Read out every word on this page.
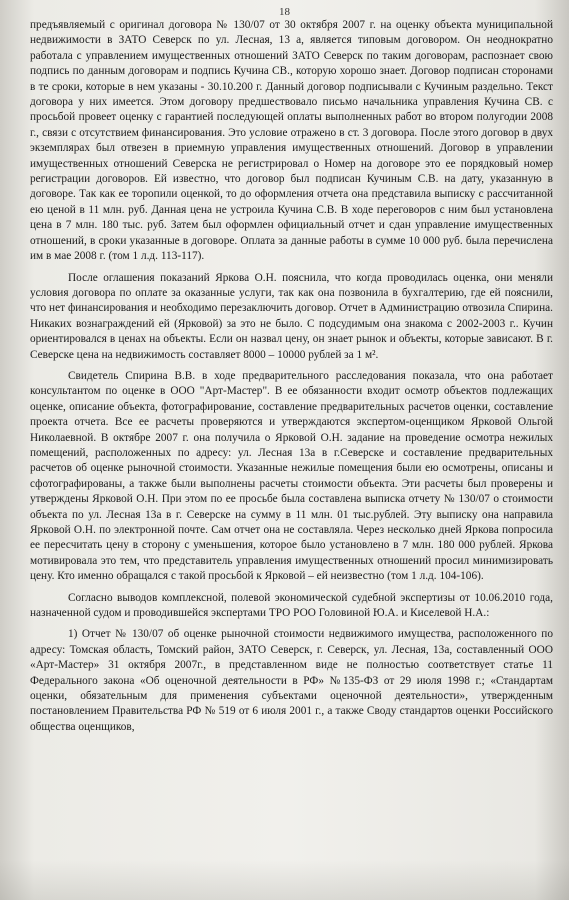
18

предъявляемый с оригинал договора № 130/07 от 30 октября 2007 г. на оценку объекта муниципальной недвижимости в ЗАТО Северск по ул. Лесная, 13 а, является типовым договором. Он неоднократно работала с управлением имущественных отношений ЗАТО Северск по таким договорам, распознает свою подпись по данным договорам и подпись Кучина СВ., которую хорошо знает. Договор подписан сторонами в те сроки, которые в нем указаны - 30.10.200 г. Данный договор подписывали с Кучиным раздельно. Текст договора у них имеется. Этом договору предшествовало письмо начальника управления Кучина СВ. с просьбой провеет оценку с гарантией последующей оплаты выполненных работ во втором полугодии 2008 г., связи с отсутствием финансирования. Это условие отражено в ст. 3 договора. После этого договор в двух экземплярах был отвезен в приемную управления имущественных отношений. Договор в управлении имущественных отношений Северска не регистрировал о Номер на договоре это ее порядковый номер регистрации договоров. Ей известно, что договор был подписан Кучиным С.В. на дату, указанную в договоре. Так как ее торопили оценкой, то до оформления отчета она представила выписку с рассчитанной ею ценой в 11 млн. руб. Данная цена не устроила Кучина С.В. В ходе переговоров с ним был установлена цена в 7 млн. 180 тыс. руб. Затем был оформлен официальный отчет и сдан управление имущественных отношений, в сроки указанные в договоре. Оплата за данные работы в сумме 10 000 руб. была перечислена им в мае 2008 г. (том 1 л.д. 113-117).

После оглашения показаний Яркова О.Н. пояснила, что когда проводилась оценка, они меняли условия договора по оплате за оказанные услуги, так как она позвонила в бухгалтерию, где ей пояснили, что нет финансирования и необходимо перезаключить договор. Отчет в Администрацию отвозила Спирина. Никаких вознаграждений ей (Ярковой) за это не было. С подсудимым она знакома с 2002-2003 г.. Кучин ориентировался в ценах на объекты. Если он назвал цену, он знает рынок и объекты, которые зависают. В г. Северске цена на недвижимость составляет 8000 – 10000 рублей за 1 м².

Свидетель Спирина В.В. в ходе предварительного расследования показала, что она работает консультантом по оценке в ООО "Арт-Мастер". В ее обязанности входит осмотр объектов подлежащих оценке, описание объекта, фотографирование, составление предварительных расчетов оценки, составление проекта отчета. Все ее расчеты проверяются и утверждаются экспертом-оценщиком Ярковой Ольгой Николаевной. В октябре 2007 г. она получила о Ярковой О.Н. задание на проведение осмотра нежилых помещений, расположенных по адресу: ул. Лесная 13а в г.Северске и составление предварительных расчетов об оценке рыночной стоимости. Указанные нежилые помещения были ею осмотрены, описаны и сфотографированы, а также были выполнены расчеты стоимости объекта. Эти расчеты был проверены и утверждены Ярковой О.Н. При этом по ее просьбе была составлена выписка отчету № 130/07 о стоимости объекта по ул. Лесная 13а в г. Северске на сумму в 11 млн. 01 тыс.рублей. Эту выписку она направила Ярковой О.Н. по электронной почте. Сам отчет она не составляла. Через несколько дней Яркова попросила ее пересчитать цену в сторону с уменьшения, которое было установлено в 7 млн. 180 000 рублей. Яркова мотивировала это тем, что представитель управления имущественных отношений просил минимизировать цену. Кто именно обращался с такой просьбой к Ярковой – ей неизвестно (том 1 л.д. 104-106).

Согласно выводов комплексной, полевой экономической судебной экспертизы от 10.06.2010 года, назначенной судом и проводившейся экспертами ТРО РОО Головиной Ю.А. и Киселевой Н.А.:

1) Отчет № 130/07 об оценке рыночной стоимости недвижимого имущества, расположенного по адресу: Томская область, Томский район, ЗАТО Северск, г. Северск, ул. Лесная, 13а, составленный ООО «Арт-Мастер» 31 октября 2007г., в представленном виде не полностью соответствует статье 11 Федерального закона «Об оценочной деятельности в РФ» №135-ФЗ от 29 июля 1998 г.; «Стандартам оценки, обязательным для применения субъектами оценочной деятельности», утвержденным постановлением Правительства РФ № 519 от 6 июля 2001 г., а также Своду стандартов оценки Российского общества оценщиков,
